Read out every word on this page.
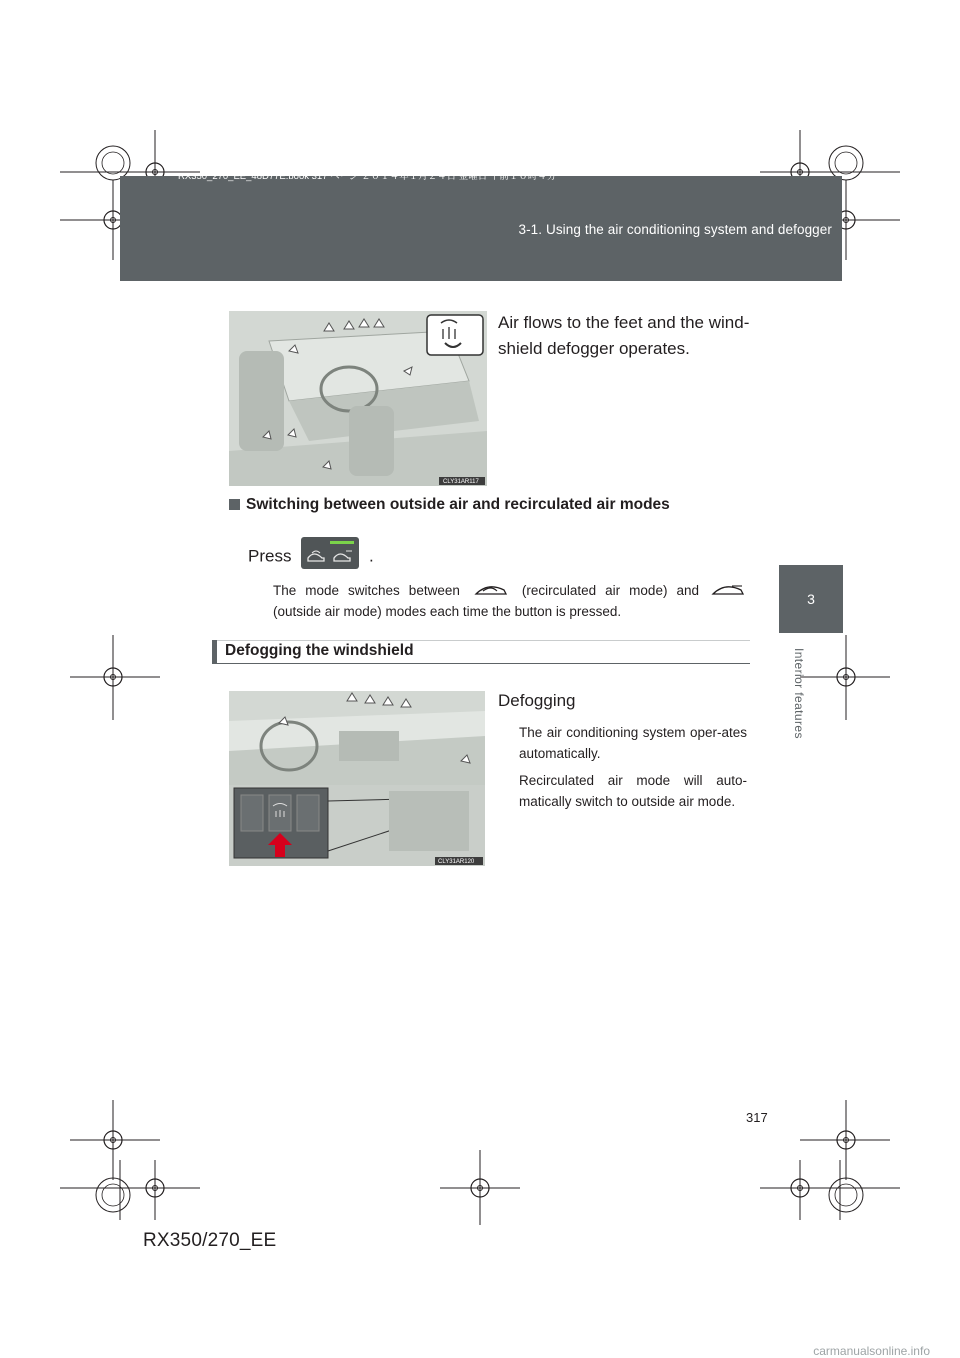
RX350_270_EE_48D77E.book 317 ページ ２０１４年１月２４日 金曜日 午前１０時４分
3-1. Using the air conditioning system and defogger
3
Interior features
CLY31AR117
Air flows to the feet and the wind-shield defogger operates.
Switching between outside air and recirculated air modes
Press	.
The mode switches between	(recirculated air mode) and  (outside air mode) modes each time the button is pressed.
Defogging the windshield
CLY31AR120
Defogging
The air conditioning system oper-ates automatically.
Recirculated air mode will auto-matically switch to outside air mode.
317
RX350/270_EE
carmanualsonline.info
